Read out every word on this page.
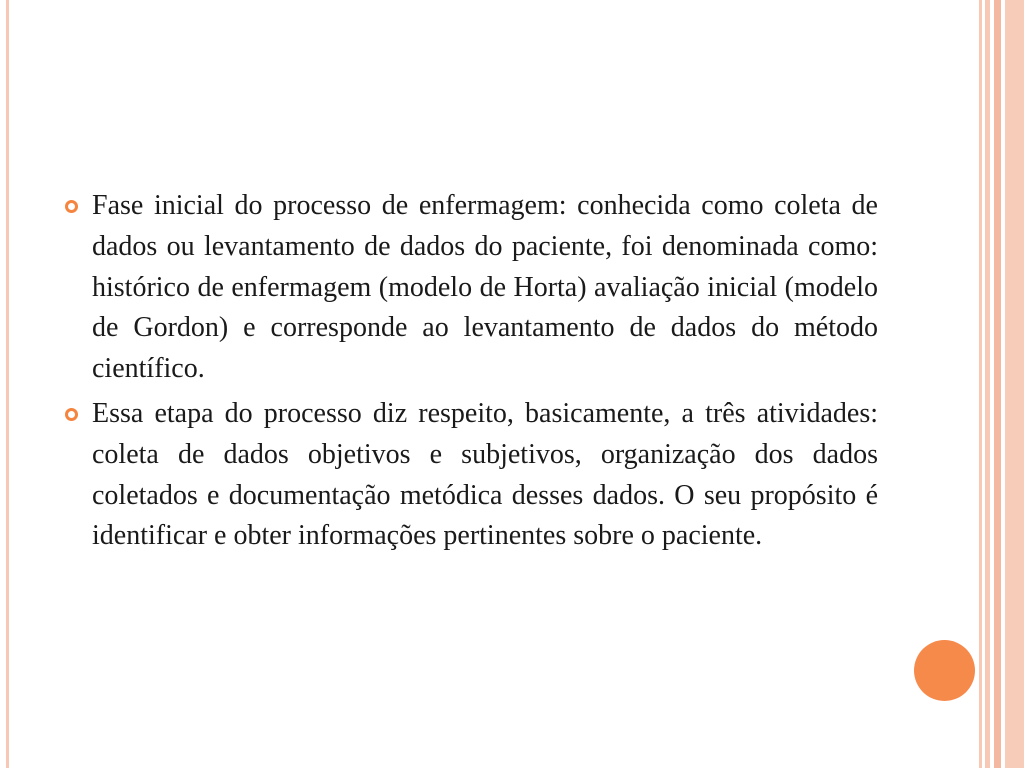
Fase inicial do processo de enfermagem: conhecida como coleta de dados ou levantamento de dados do paciente, foi denominada como: histórico de enfermagem (modelo de Horta) avaliação inicial (modelo de Gordon) e corresponde ao levantamento de dados do método científico.
Essa etapa do processo diz respeito, basicamente, a três atividades: coleta de dados objetivos e subjetivos, organização dos dados coletados e documentação metódica desses dados. O seu propósito é identificar e obter informações pertinentes sobre o paciente.
